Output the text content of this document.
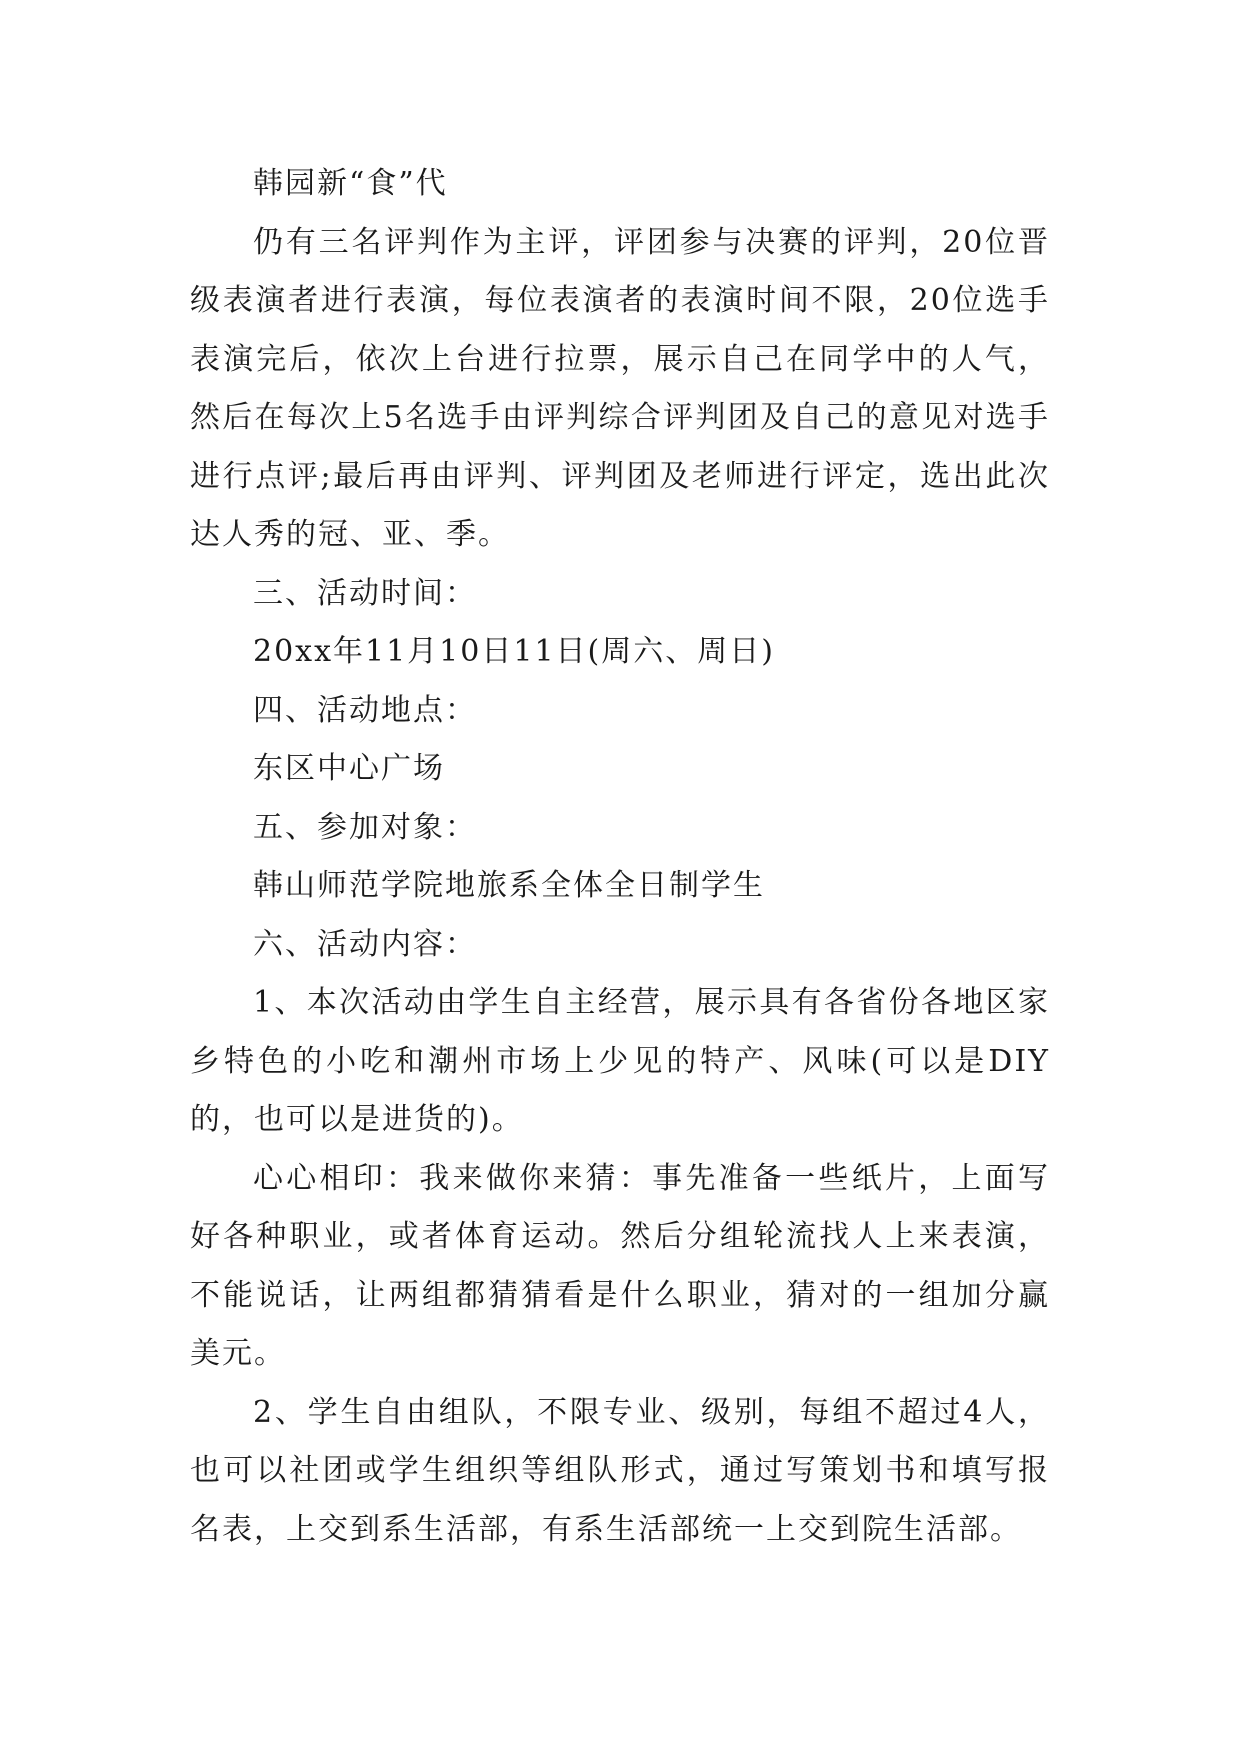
韩园新“食”代

仍有三名评判作为主评，评团参与决赛的评判，20位晋级表演者进行表演，每位表演者的表演时间不限，20位选手表演完后，依次上台进行拉票，展示自己在同学中的人气，然后在每次上5名选手由评判综合评判团及自己的意见对选手进行点评;最后再由评判、评判团及老师进行评定，选出此次达人秀的冠、亚、季。

三、活动时间：

20xx年11月10日11日(周六、周日)

四、活动地点：

东区中心广场

五、参加对象：

韩山师范学院地旅系全体全日制学生

六、活动内容：

1、本次活动由学生自主经营，展示具有各省份各地区家乡特色的小吃和潮州市场上少见的特产、风味(可以是DIY的，也可以是进货的)。

心心相印：我来做你来猜：事先准备一些纸片，上面写好各种职业，或者体育运动。然后分组轮流找人上来表演，不能说话，让两组都猜猜看是什么职业，猜对的一组加分赢美元。

2、学生自由组队，不限专业、级别，每组不超过4人，也可以社团或学生组织等组队形式，通过写策划书和填写报名表，上交到系生活部，有系生活部统一上交到院生活部。
